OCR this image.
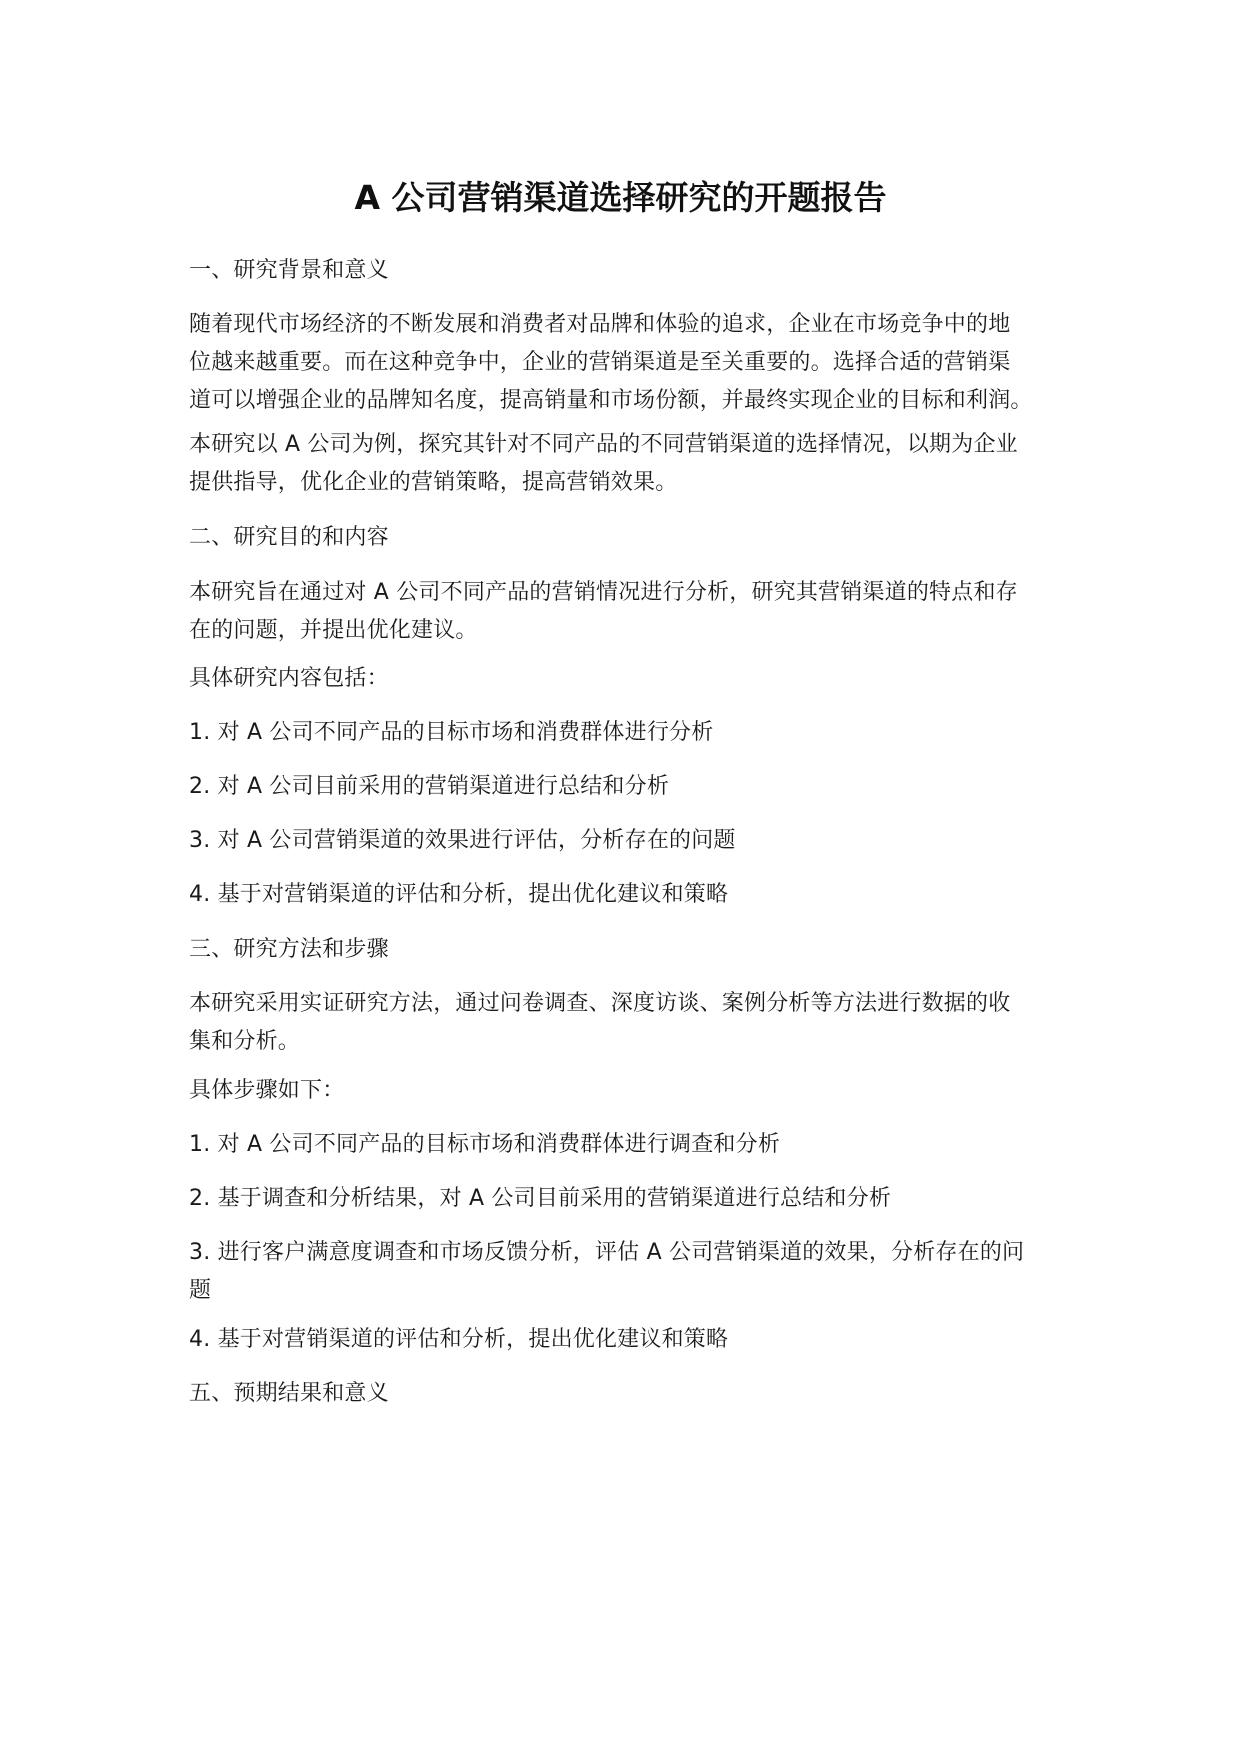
A 公司营销渠道选择研究的开题报告

一、研究背景和意义

随着现代市场经济的不断发展和消费者对品牌和体验的追求，企业在市场竞争中的地
位越来越重要。而在这种竞争中，企业的营销渠道是至关重要的。选择合适的营销渠
道可以增强企业的品牌知名度，提高销量和市场份额，并最终实现企业的目标和利润。

本研究以 A 公司为例，探究其针对不同产品的不同营销渠道的选择情况，以期为企业
提供指导，优化企业的营销策略，提高营销效果。

二、研究目的和内容

本研究旨在通过对 A 公司不同产品的营销情况进行分析，研究其营销渠道的特点和存
在的问题，并提出优化建议。

具体研究内容包括：

1. 对 A 公司不同产品的目标市场和消费群体进行分析

2. 对 A 公司目前采用的营销渠道进行总结和分析

3. 对 A 公司营销渠道的效果进行评估，分析存在的问题

4. 基于对营销渠道的评估和分析，提出优化建议和策略

三、研究方法和步骤

本研究采用实证研究方法，通过问卷调查、深度访谈、案例分析等方法进行数据的收
集和分析。

具体步骤如下：

1. 对 A 公司不同产品的目标市场和消费群体进行调查和分析

2. 基于调查和分析结果，对 A 公司目前采用的营销渠道进行总结和分析

3. 进行客户满意度调查和市场反馈分析，评估 A 公司营销渠道的效果，分析存在的问
题

4. 基于对营销渠道的评估和分析，提出优化建议和策略

五、预期结果和意义
